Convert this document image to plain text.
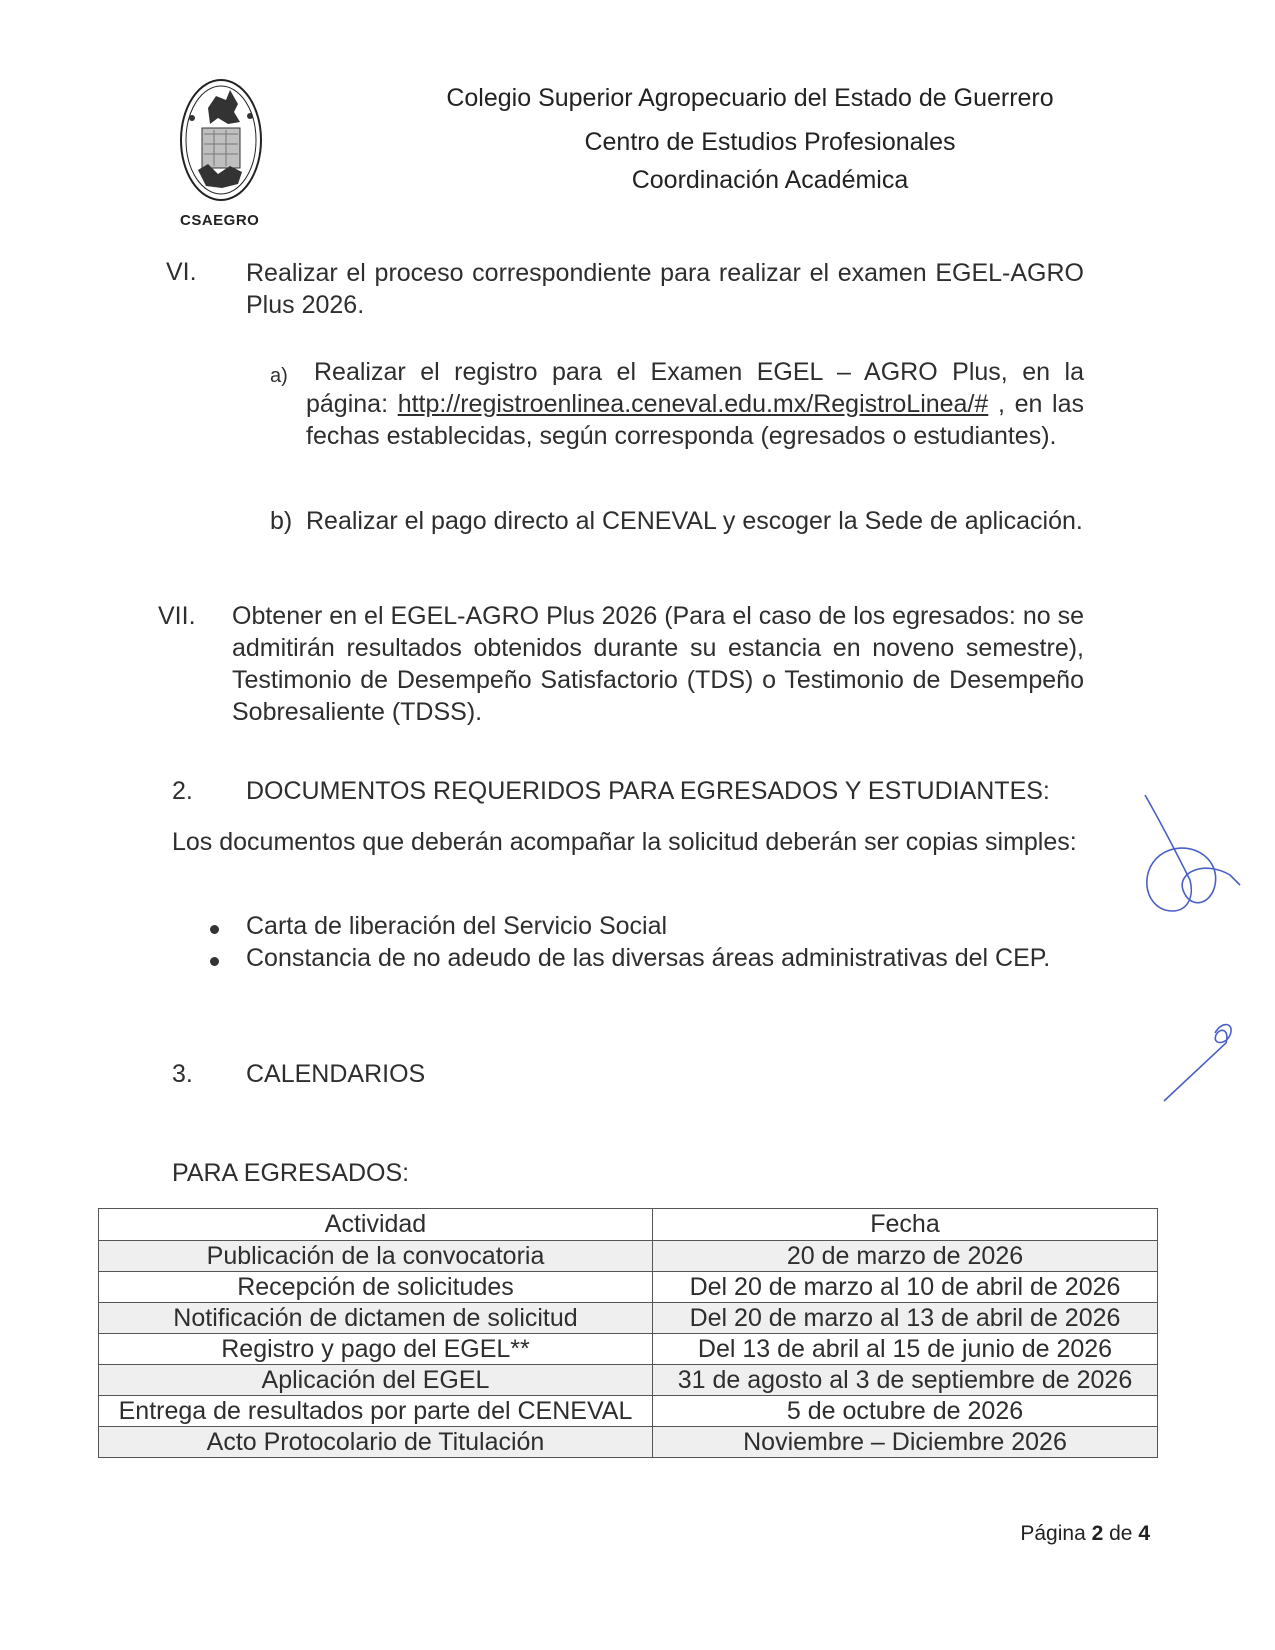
CSAEGRO
Colegio Superior Agropecuario del Estado de Guerrero
Centro de Estudios Profesionales
Coordinación Académica
VI. Realizar el proceso correspondiente para realizar el examen EGEL-AGRO Plus 2026.
a)	Realizar el registro para el Examen EGEL – AGRO Plus, en la página: http://registroenlinea.ceneval.edu.mx/RegistroLinea/# , en las fechas establecidas, según corresponda (egresados o estudiantes).
b) Realizar el pago directo al CENEVAL y escoger la Sede de aplicación.
VII. Obtener en el EGEL-AGRO Plus 2026 (Para el caso de los egresados: no se admitirán resultados obtenidos durante su estancia en noveno semestre), Testimonio de Desempeño Satisfactorio (TDS) o Testimonio de Desempeño Sobresaliente (TDSS).
2. DOCUMENTOS REQUERIDOS PARA EGRESADOS Y ESTUDIANTES:
Los documentos que deberán acompañar la solicitud deberán ser copias simples:
Carta de liberación del Servicio Social
Constancia de no adeudo de las diversas áreas administrativas del CEP.
3. CALENDARIOS
PARA EGRESADOS:
Actividad	Fecha
Publicación de la convocatoria	20 de marzo de 2026
Recepción de solicitudes	Del 20 de marzo al 10 de abril de 2026
Notificación de dictamen de solicitud	Del 20 de marzo al 13 de abril de 2026
Registro y pago del EGEL**	Del 13 de abril al 15 de junio de 2026
Aplicación del EGEL	31 de agosto al 3 de septiembre de 2026
Entrega de resultados por parte del CENEVAL	5 de octubre de 2026
Acto Protocolario de Titulación	Noviembre – Diciembre 2026
Página 2 de 4
